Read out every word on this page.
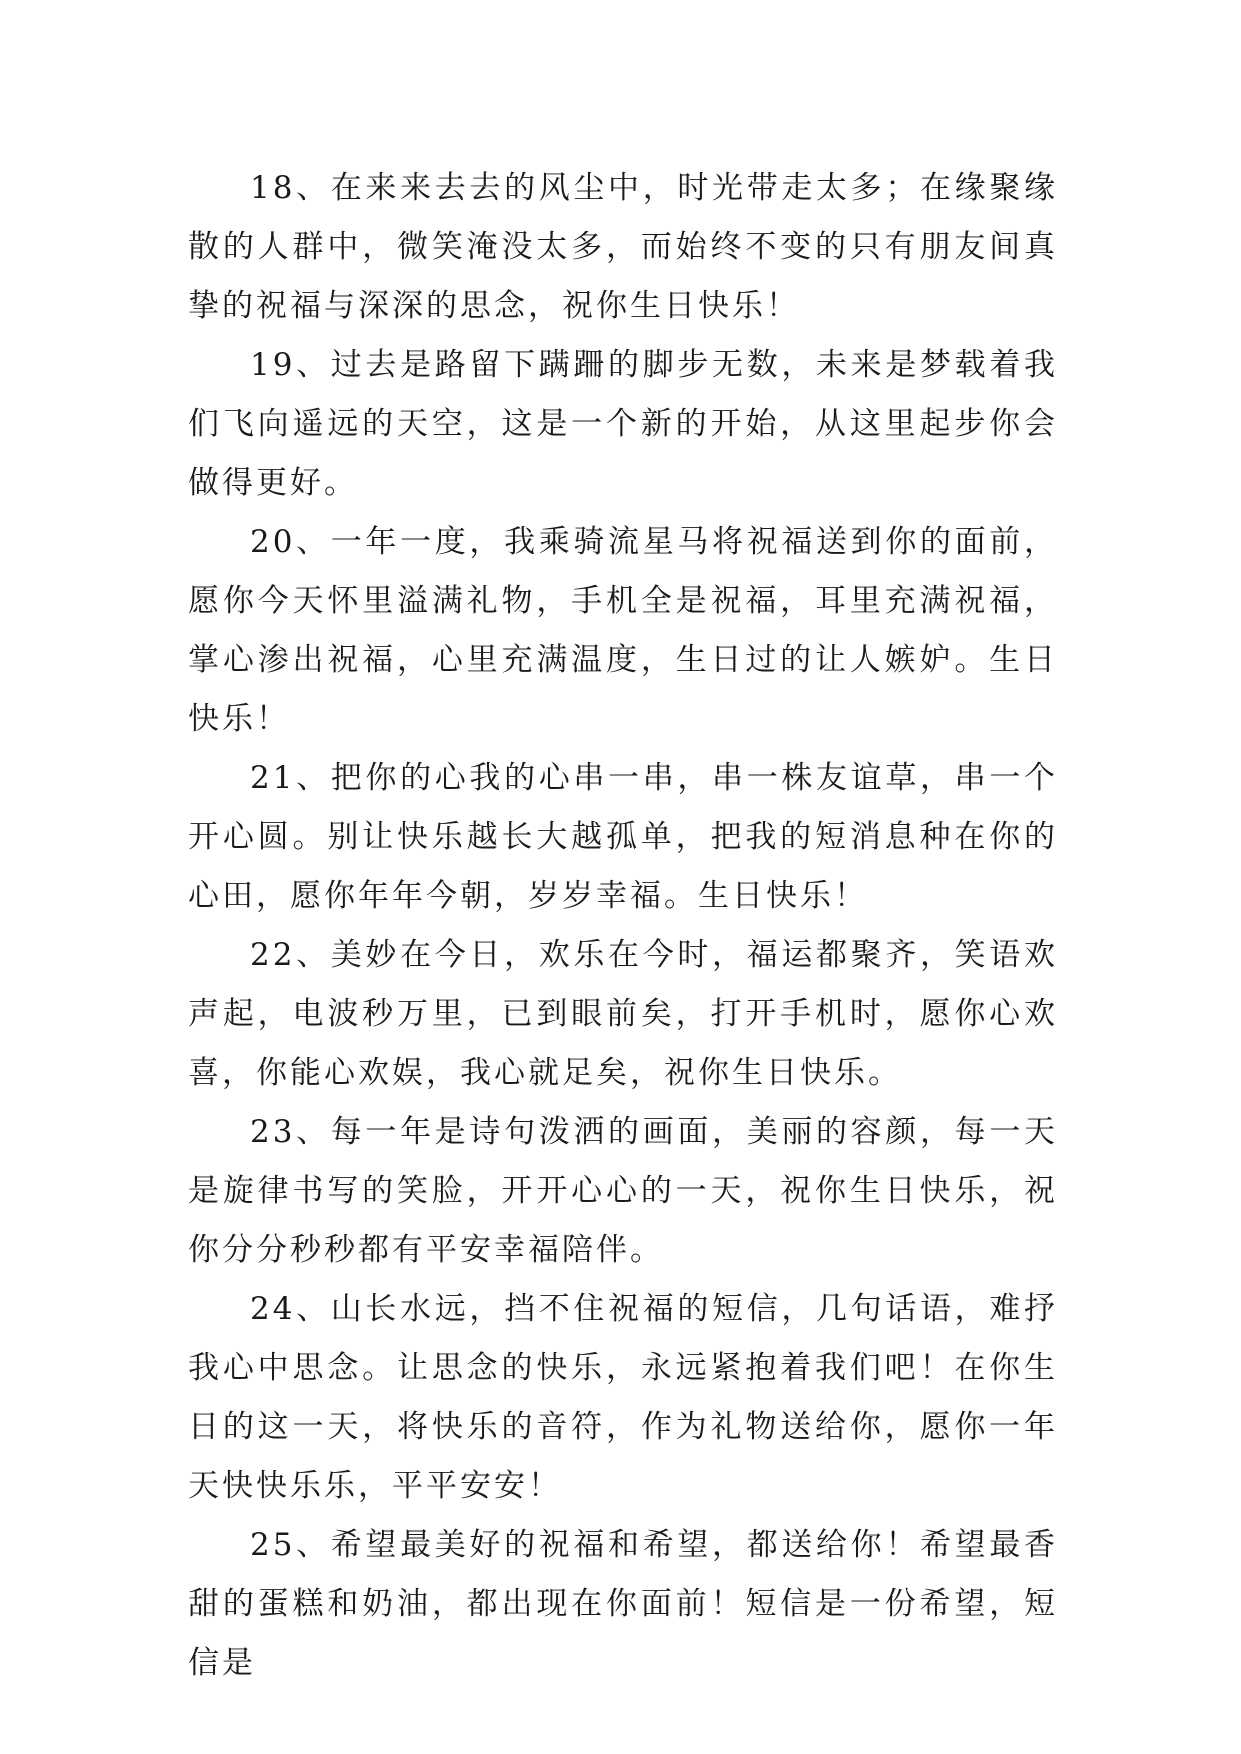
18、在来来去去的风尘中，时光带走太多；在缘聚缘散的人群中，微笑淹没太多，而始终不变的只有朋友间真挚的祝福与深深的思念，祝你生日快乐！

19、过去是路留下蹒跚的脚步无数，未来是梦载着我们飞向遥远的天空，这是一个新的开始，从这里起步你会做得更好。

20、一年一度，我乘骑流星马将祝福送到你的面前，愿你今天怀里溢满礼物，手机全是祝福，耳里充满祝福，掌心渗出祝福，心里充满温度，生日过的让人嫉妒。生日快乐！

21、把你的心我的心串一串，串一株友谊草，串一个开心圆。别让快乐越长大越孤单，把我的短消息种在你的心田，愿你年年今朝，岁岁幸福。生日快乐！

22、美妙在今日，欢乐在今时，福运都聚齐，笑语欢声起，电波秒万里，已到眼前矣，打开手机时，愿你心欢喜，你能心欢娱，我心就足矣，祝你生日快乐。

23、每一年是诗句泼洒的画面，美丽的容颜，每一天是旋律书写的笑脸，开开心心的一天，祝你生日快乐，祝你分分秒秒都有平安幸福陪伴。

24、山长水远，挡不住祝福的短信，几句话语，难抒我心中思念。让思念的快乐，永远紧抱着我们吧！在你生日的这一天，将快乐的音符，作为礼物送给你，愿你一年天快快乐乐，平平安安！

25、希望最美好的祝福和希望，都送给你！希望最香甜的蛋糕和奶油，都出现在你面前！短信是一份希望，短信是
